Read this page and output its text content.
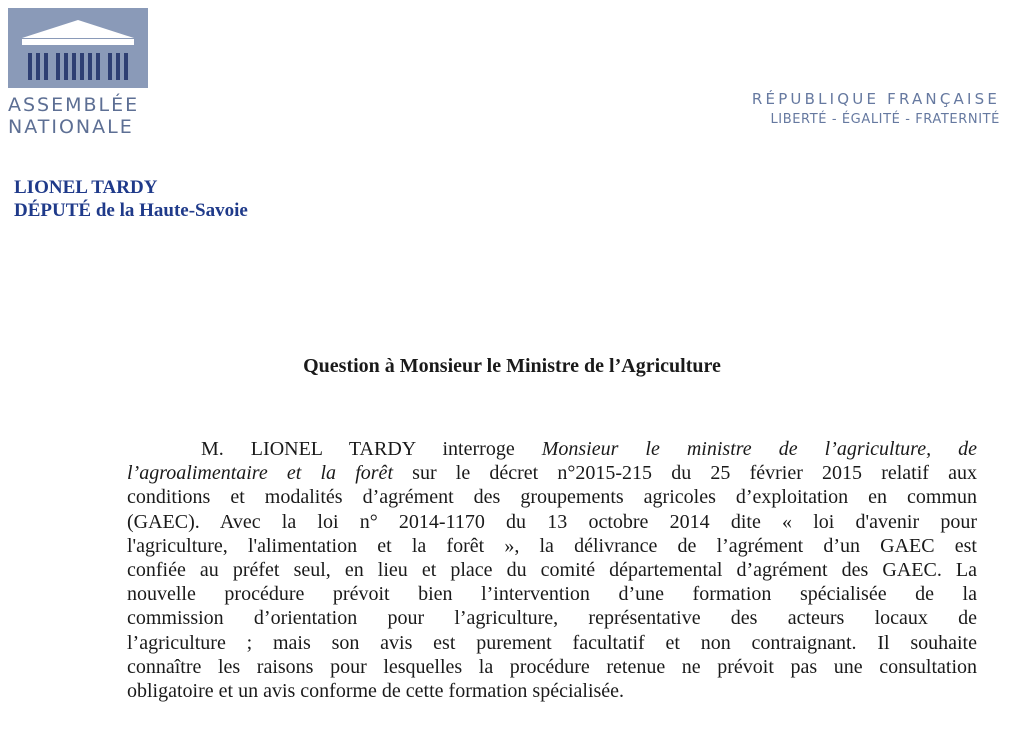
ASSEMBLÉE
NATIONALE
RÉPUBLIQUE FRANÇAISE
LIBERTÉ - ÉGALITÉ - FRATERNITÉ
LIONEL TARDY
DÉPUTÉ de la Haute-Savoie
Question à Monsieur le Ministre de l’Agriculture
M. LIONEL TARDY interroge Monsieur le ministre de l’agriculture, de
l’agroalimentaire et la forêt sur le décret n°2015-215 du 25 février 2015 relatif aux
conditions et modalités d’agrément des groupements agricoles d’exploitation en commun
(GAEC). Avec la loi n° 2014-1170 du 13 octobre 2014 dite « loi d'avenir pour
l'agriculture, l'alimentation et la forêt », la délivrance de l’agrément d’un GAEC est
confiée au préfet seul, en lieu et place du comité départemental d’agrément des GAEC. La
nouvelle procédure prévoit bien l’intervention d’une formation spécialisée de la
commission d’orientation pour l’agriculture, représentative des acteurs locaux de
l’agriculture ; mais son avis est purement facultatif et non contraignant. Il souhaite
connaître les raisons pour lesquelles la procédure retenue ne prévoit pas une consultation
obligatoire et un avis conforme de cette formation spécialisée.
